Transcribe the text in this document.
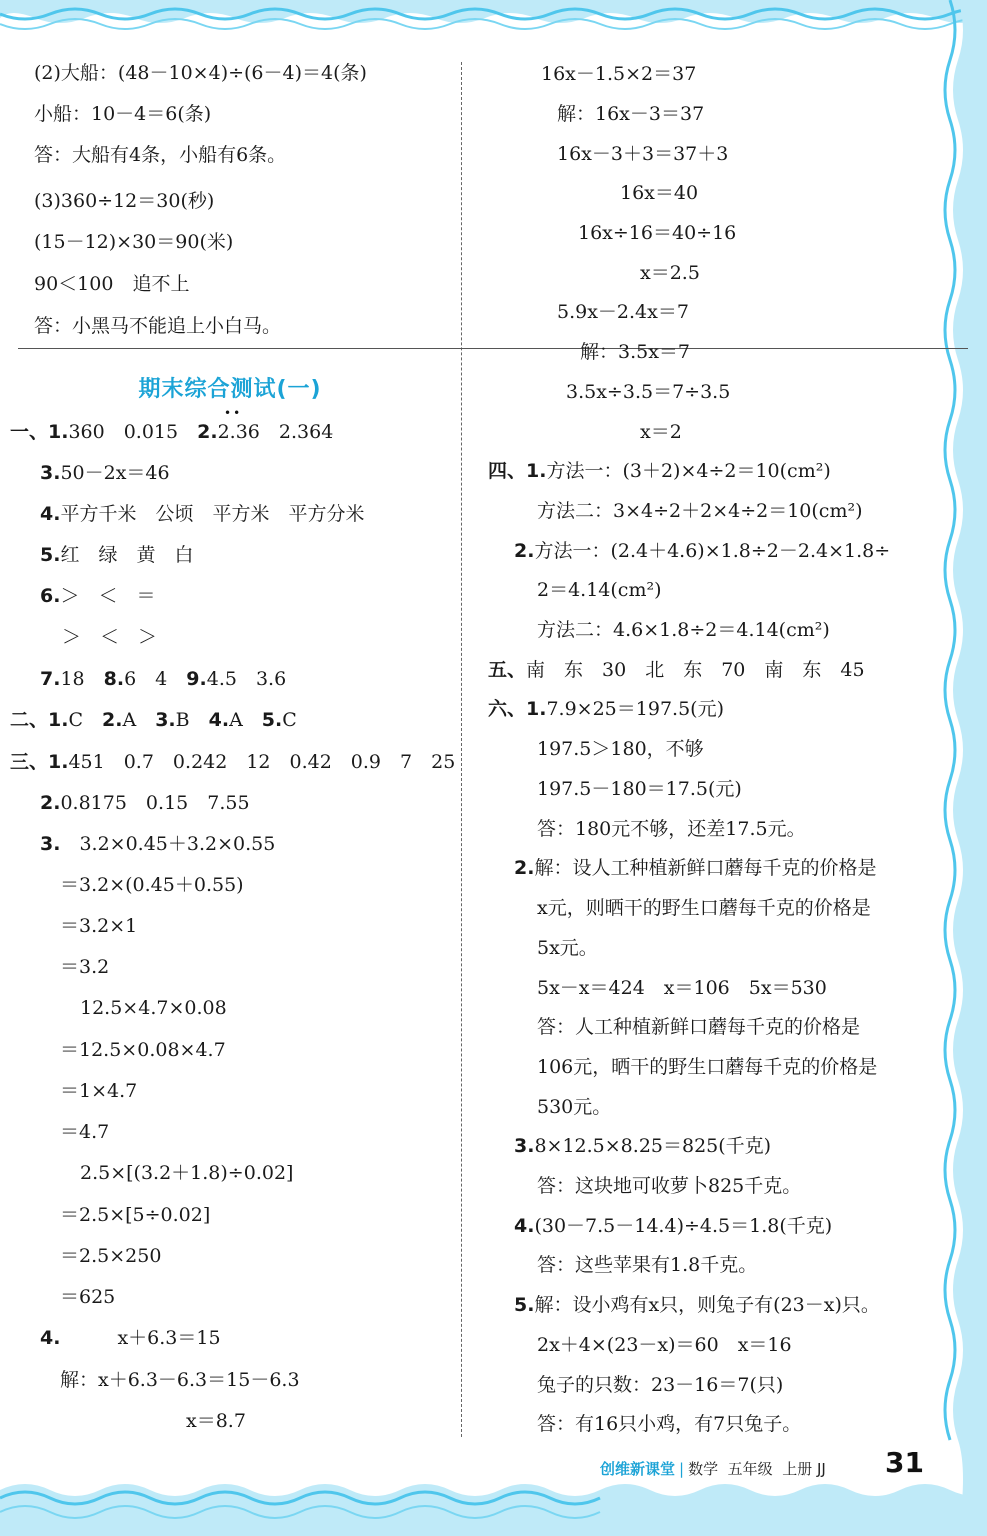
期末综合测试(一)
••
(2)大船：(48－10×4)÷(6－4)＝4(条)
小船：10－4＝6(条)
答：大船有4条，小船有6条。
(3)360÷12＝30(秒)
(15－12)×30＝90(米)
90＜100　追不上
答：小黑马不能追上小白马。
一、1.360　0.015　2.2.36　2.364
3.50－2x＝46
4.平方千米　公顷　平方米　平方分米
5.红　绿　黄　白
6.＞　＜　＝
＞　＜　＞
7.18　8.6　4　9.4.5　3.6
二、1.C　2.A　3.B　4.A　5.C
三、1.451　0.7　0.242　12　0.42　0.9　7　25
2.0.8175　0.15　7.55
3.　3.2×0.45＋3.2×0.55
＝3.2×(0.45＋0.55)
＝3.2×1
＝3.2
12.5×4.7×0.08
＝12.5×0.08×4.7
＝1×4.7
＝4.7
2.5×[(3.2＋1.8)÷0.02]
＝2.5×[5÷0.02]
＝2.5×250
＝625
4.　　　x＋6.3＝15
解：x＋6.3－6.3＝15－6.3
x＝8.7
16x－1.5×2＝37
解：16x－3＝37
16x－3＋3＝37＋3
16x＝40
16x÷16＝40÷16
x＝2.5
5.9x－2.4x＝7
解：3.5x＝7
3.5x÷3.5＝7÷3.5
x＝2
四、1.方法一：(3＋2)×4÷2＝10(cm²)
方法二：3×4÷2＋2×4÷2＝10(cm²)
2.方法一：(2.4＋4.6)×1.8÷2－2.4×1.8÷
2＝4.14(cm²)
方法二：4.6×1.8÷2＝4.14(cm²)
五、南　东　30　北　东　70　南　东　45
六、1.7.9×25＝197.5(元)
197.5＞180，不够
197.5－180＝17.5(元)
答：180元不够，还差17.5元。
2.解：设人工种植新鲜口蘑每千克的价格是
x元，则晒干的野生口蘑每千克的价格是
5x元。
5x－x＝424　x＝106　5x＝530
答：人工种植新鲜口蘑每千克的价格是
106元，晒干的野生口蘑每千克的价格是
530元。
3.8×12.5×8.25＝825(千克)
答：这块地可收萝卜825千克。
4.(30－7.5－14.4)÷4.5＝1.8(千克)
答：这些苹果有1.8千克。
5.解：设小鸡有x只，则兔子有(23－x)只。
2x＋4×(23－x)＝60　x＝16
兔子的只数：23－16＝7(只)
答：有16只小鸡，有7只兔子。
创维新课堂 | 数学 五年级 上册 JJ 31
